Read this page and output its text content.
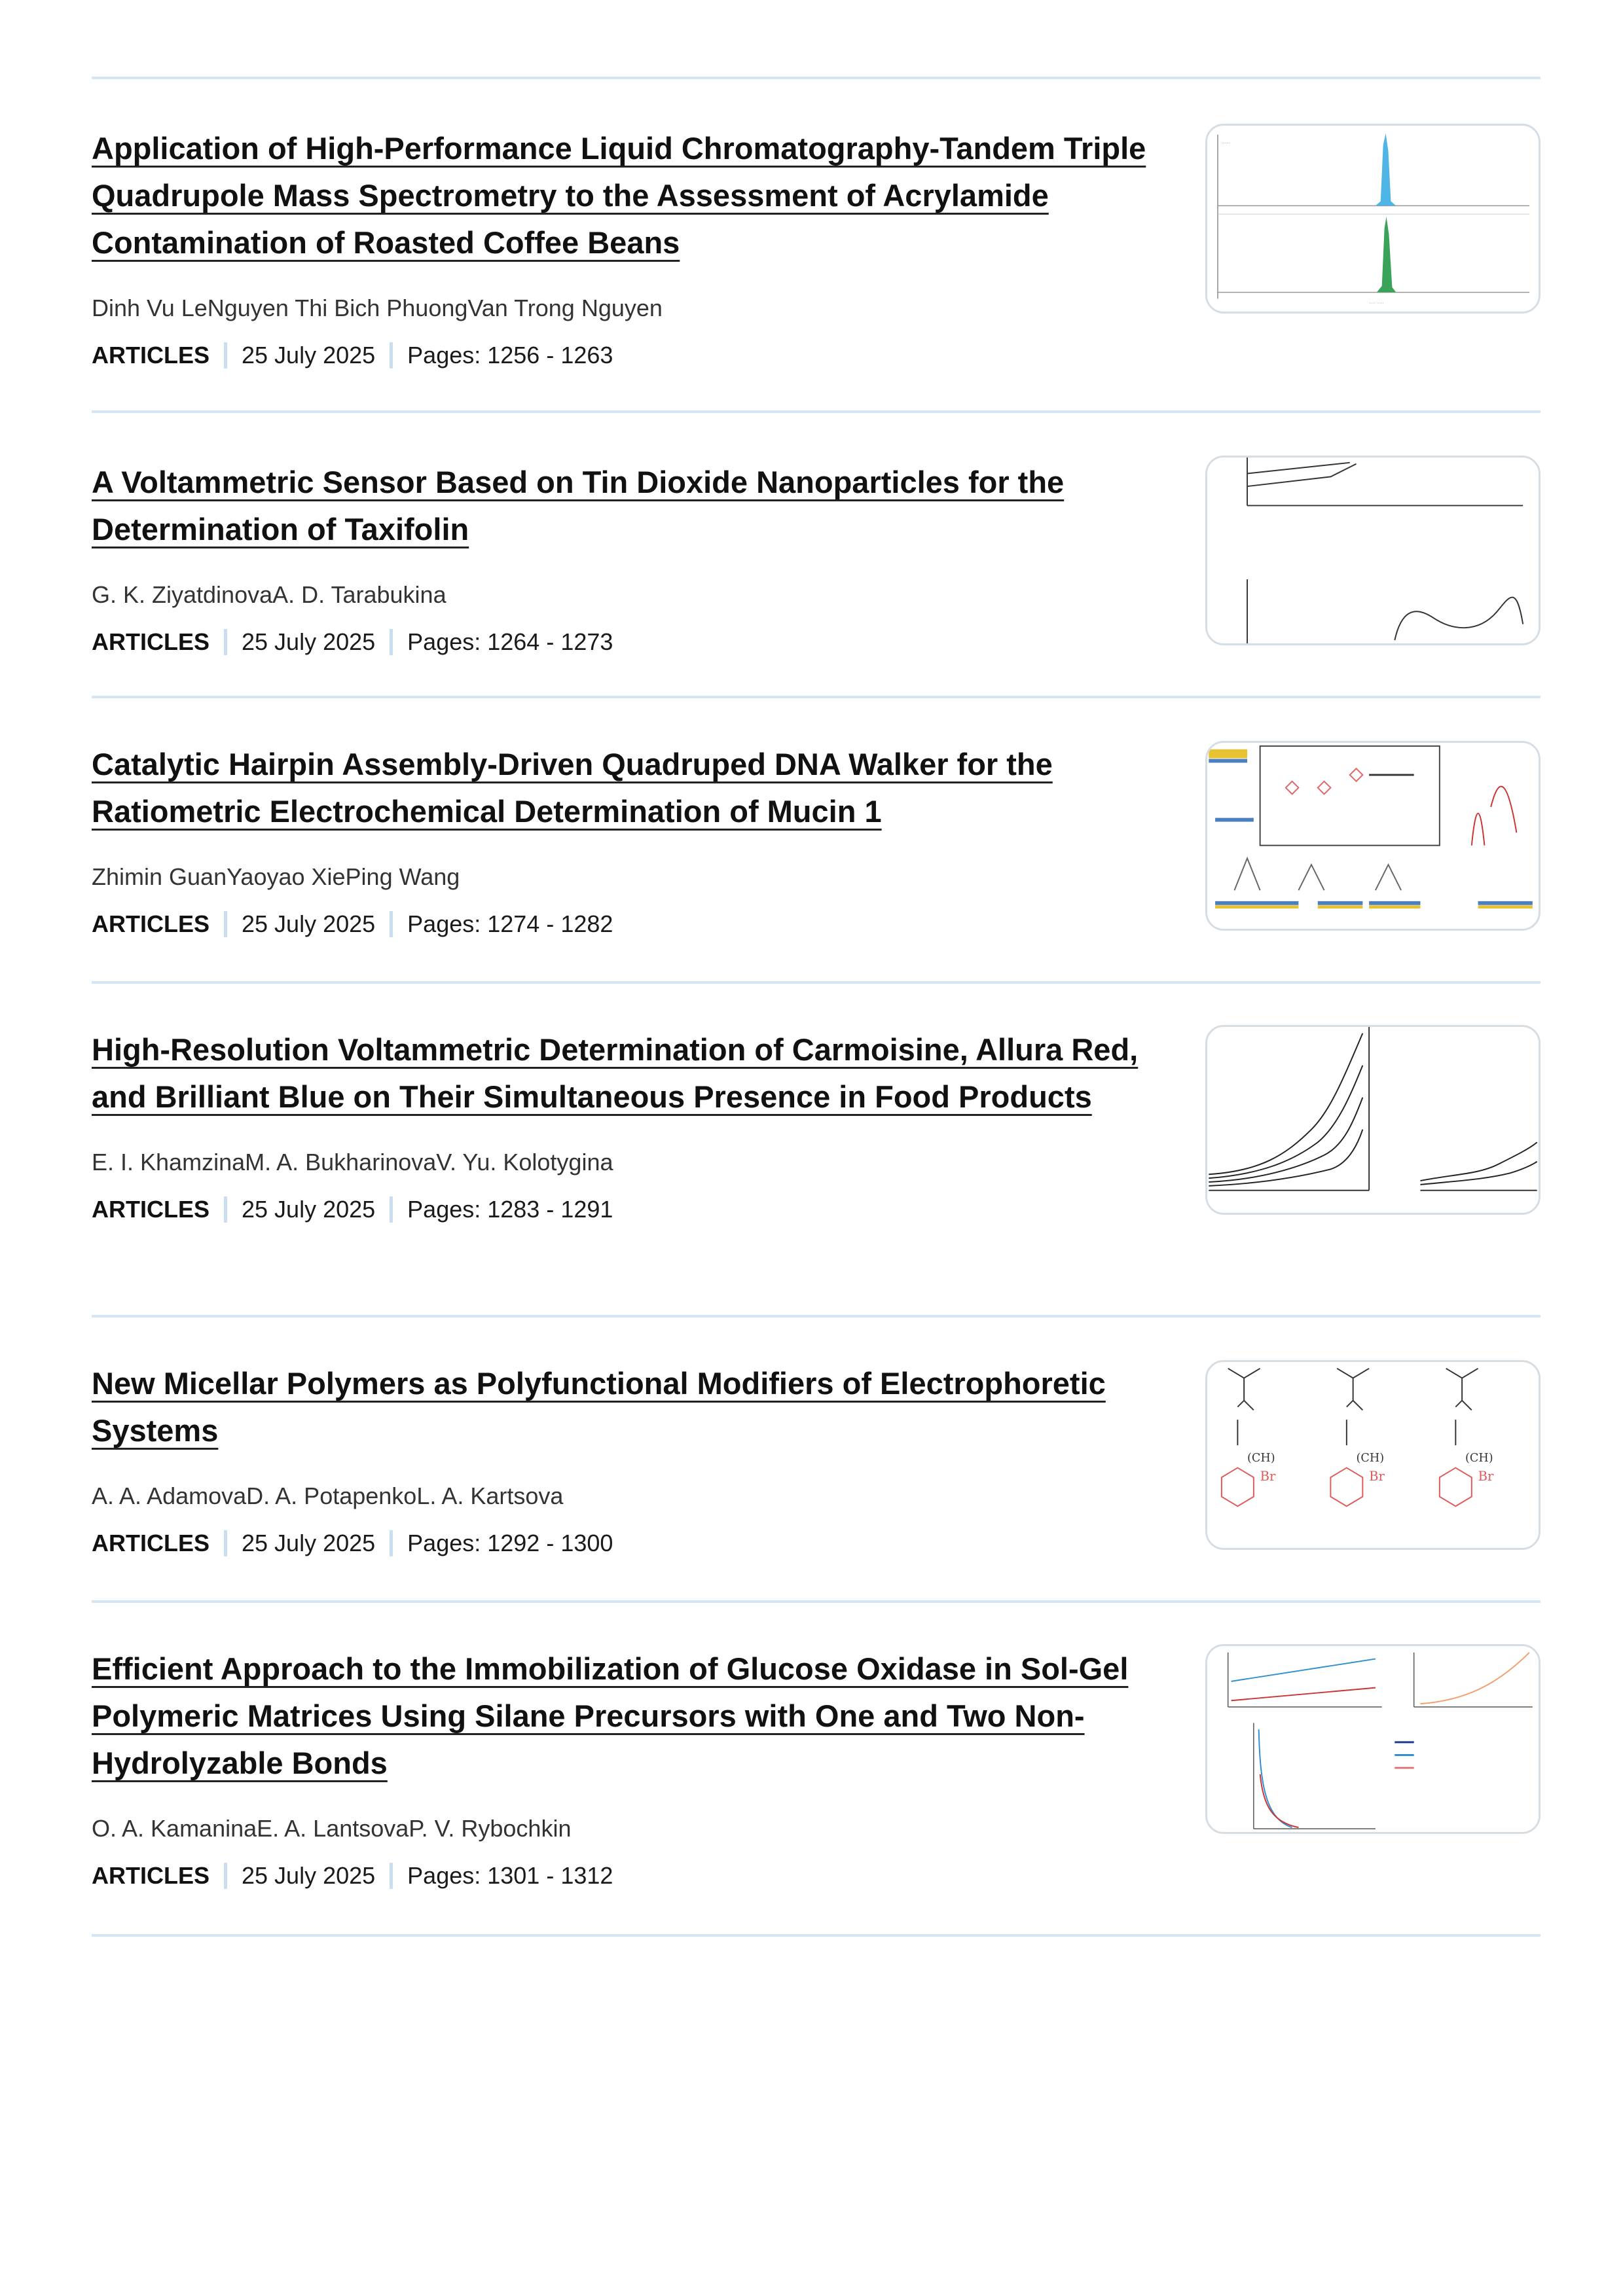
Application of High-Performance Liquid Chromatography-Tandem Triple Quadrupole Mass Spectrometry to the Assessment of Acrylamide Contamination of Roasted Coffee Beans
Dinh Vu LeNguyen Thi Bich PhuongVan Trong Nguyen
ARTICLES 25 July 2025 Pages: 1256 - 1263
·····
···· ····
A Voltammetric Sensor Based on Tin Dioxide Nanoparticles for the Determination of Taxifolin
G. K. ZiyatdinovaA. D. Tarabukina
ARTICLES 25 July 2025 Pages: 1264 - 1273
Catalytic Hairpin Assembly-Driven Quadruped DNA Walker for the Ratiometric Electrochemical Determination of Mucin 1
Zhimin GuanYaoyao XiePing Wang
ARTICLES 25 July 2025 Pages: 1274 - 1282
High-Resolution Voltammetric Determination of Carmoisine, Allura Red, and Brilliant Blue on Their Simultaneous Presence in Food Products
E. I. KhamzinaM. A. BukharinovaV. Yu. Kolotygina
ARTICLES 25 July 2025 Pages: 1283 - 1291
New Micellar Polymers as Polyfunctional Modifiers of Electrophoretic Systems
A. A. AdamovaD. A. PotapenkoL. A. Kartsova
ARTICLES 25 July 2025 Pages: 1292 - 1300
Br	Br	Br
(CH)	(CH)	(CH)
Efficient Approach to the Immobilization of Glucose Oxidase in Sol-Gel Polymeric Matrices Using Silane Precursors with One and Two Non-Hydrolyzable Bonds
O. A. KamaninaE. A. LantsovaP. V. Rybochkin
ARTICLES 25 July 2025 Pages: 1301 - 1312
